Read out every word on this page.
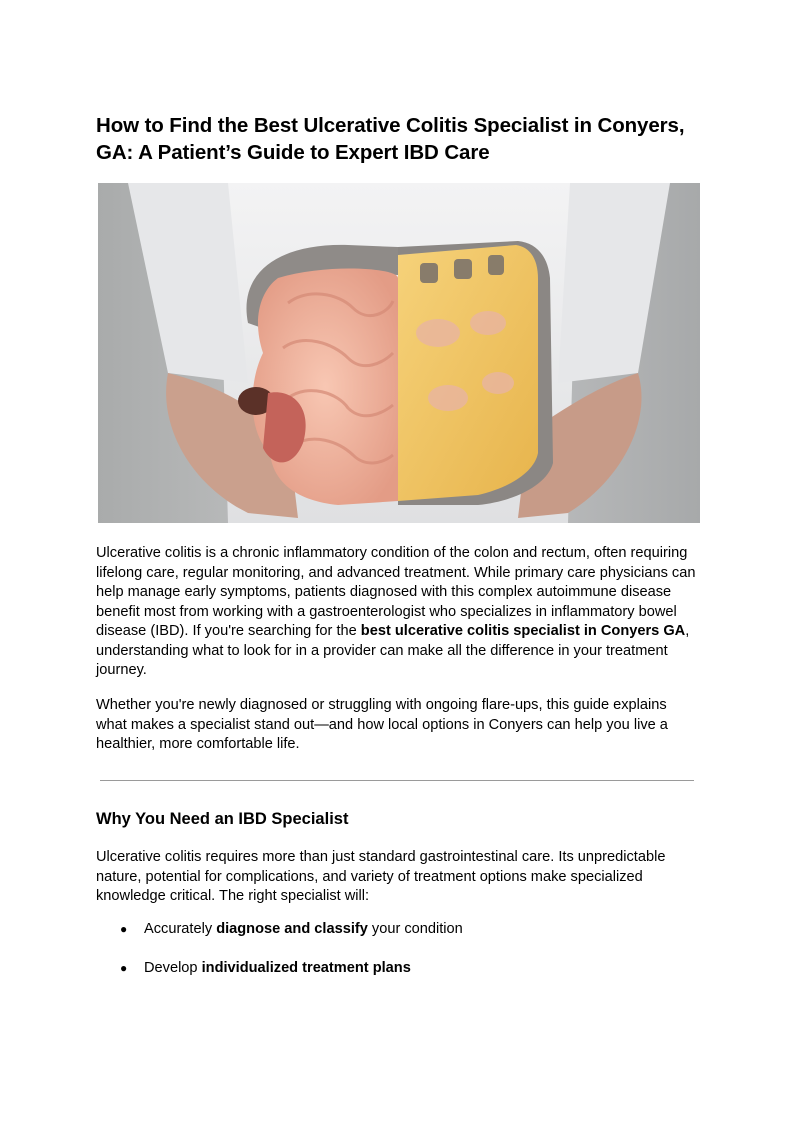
How to Find the Best Ulcerative Colitis Specialist in Conyers, GA: A Patient’s Guide to Expert IBD Care

Ulcerative colitis is a chronic inflammatory condition of the colon and rectum, often requiring lifelong care, regular monitoring, and advanced treatment. While primary care physicians can help manage early symptoms, patients diagnosed with this complex autoimmune disease benefit most from working with a gastroenterologist who specializes in inflammatory bowel disease (IBD). If you're searching for the best ulcerative colitis specialist in Conyers GA, understanding what to look for in a provider can make all the difference in your treatment journey.

Whether you're newly diagnosed or struggling with ongoing flare-ups, this guide explains what makes a specialist stand out—and how local options in Conyers can help you live a healthier, more comfortable life.

Why You Need an IBD Specialist

Ulcerative colitis requires more than just standard gastrointestinal care. Its unpredictable nature, potential for complications, and variety of treatment options make specialized knowledge critical. The right specialist will:

● Accurately diagnose and classify your condition
● Develop individualized treatment plans
